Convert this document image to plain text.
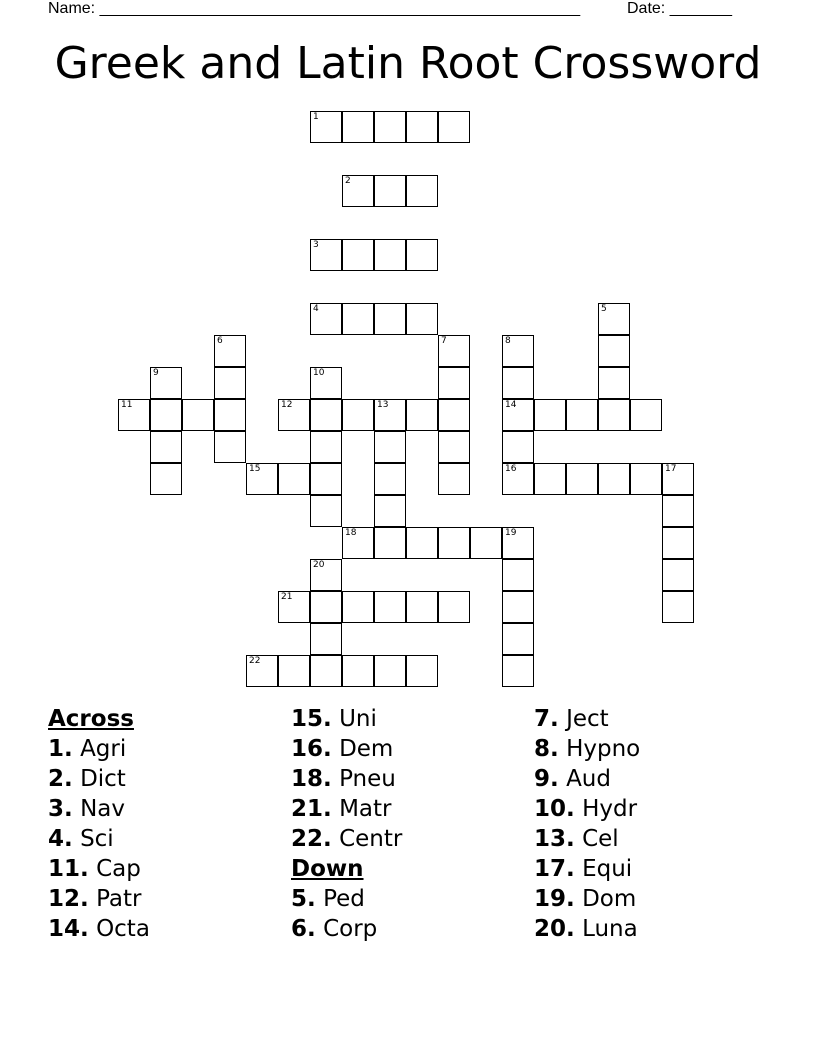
Name: ______________________________________________________	Date: _______
Greek and Latin Root Crossword
1
2
3
4	5
6	7	8
14
16
9	10
11	12	13
15	17
18	19
20
21
22
Across
1. Agri
2. Dict
3. Nav
4. Sci
11. Cap
12. Patr
14. Octa
15. Uni
16. Dem
18. Pneu
21. Matr
22. Centr
Down
5. Ped
6. Corp
7. Ject
8. Hypno
9. Aud
10. Hydr
13. Cel
17. Equi
19. Dom
20. Luna
